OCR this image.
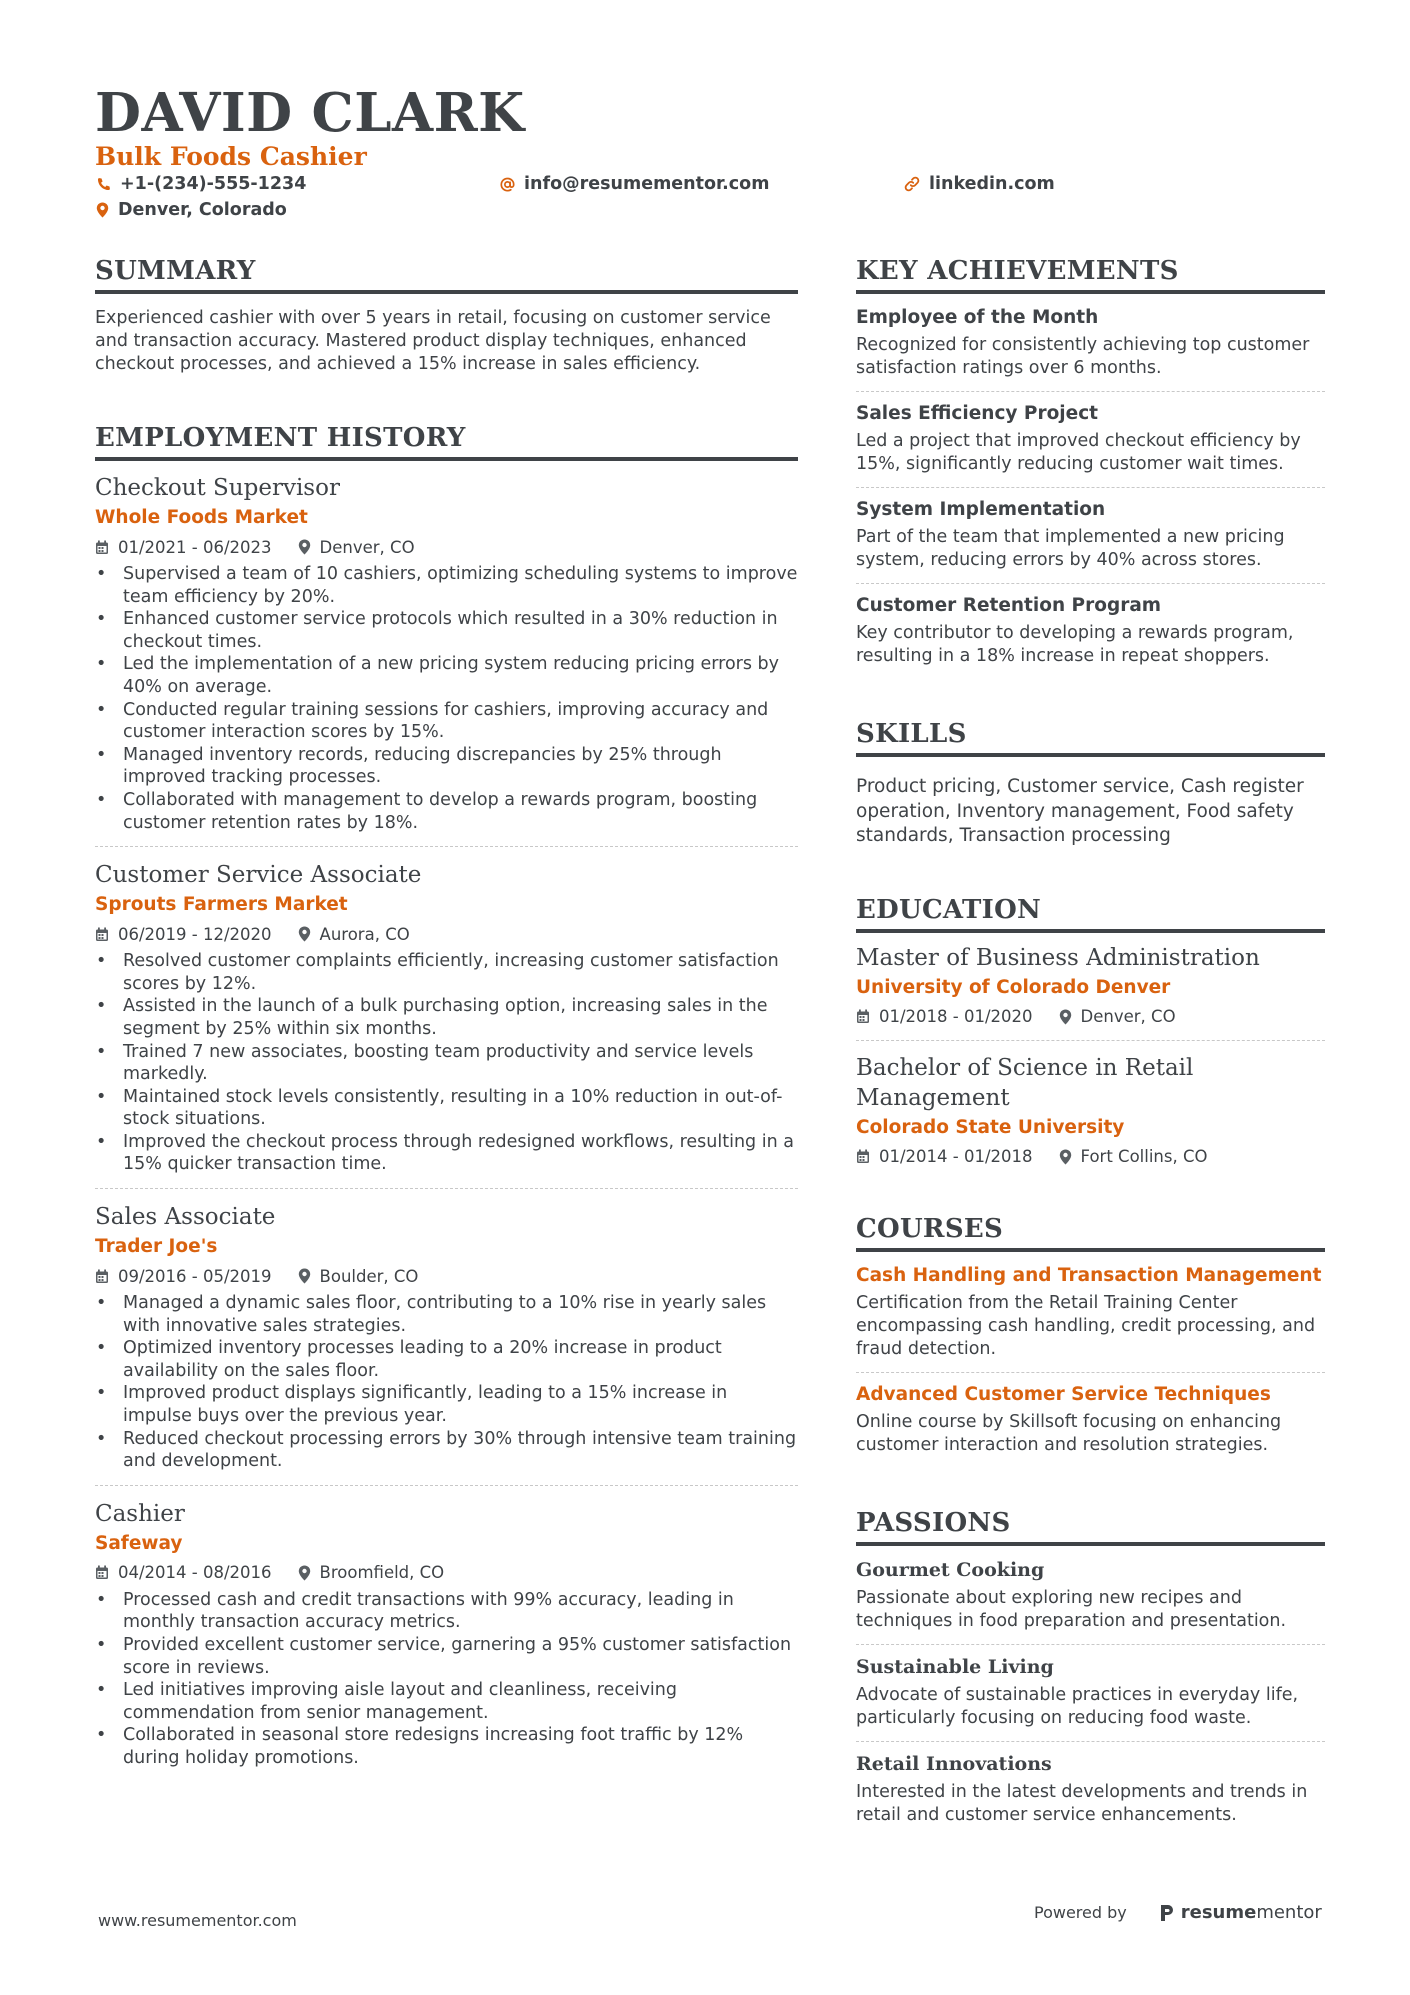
DAVID CLARK
Bulk Foods Cashier
+1-(234)-555-1234	info@resumementor.com	linkedin.com
Denver, Colorado
SUMMARY
Experienced cashier with over 5 years in retail, focusing on customer service and transaction accuracy. Mastered product display techniques, enhanced checkout processes, and achieved a 15% increase in sales efficiency.
EMPLOYMENT HISTORY
Checkout Supervisor
Whole Foods Market
01/2021 - 06/2023	Denver, CO
• Supervised a team of 10 cashiers, optimizing scheduling systems to improve team efficiency by 20%.
• Enhanced customer service protocols which resulted in a 30% reduction in checkout times.
• Led the implementation of a new pricing system reducing pricing errors by 40% on average.
• Conducted regular training sessions for cashiers, improving accuracy and customer interaction scores by 15%.
• Managed inventory records, reducing discrepancies by 25% through improved tracking processes.
• Collaborated with management to develop a rewards program, boosting customer retention rates by 18%.
Customer Service Associate
Sprouts Farmers Market
06/2019 - 12/2020	Aurora, CO
• Resolved customer complaints efficiently, increasing customer satisfaction scores by 12%.
• Assisted in the launch of a bulk purchasing option, increasing sales in the segment by 25% within six months.
• Trained 7 new associates, boosting team productivity and service levels markedly.
• Maintained stock levels consistently, resulting in a 10% reduction in out-of-stock situations.
• Improved the checkout process through redesigned workflows, resulting in a 15% quicker transaction time.
Sales Associate
Trader Joe's
09/2016 - 05/2019	Boulder, CO
• Managed a dynamic sales floor, contributing to a 10% rise in yearly sales with innovative sales strategies.
• Optimized inventory processes leading to a 20% increase in product availability on the sales floor.
• Improved product displays significantly, leading to a 15% increase in impulse buys over the previous year.
• Reduced checkout processing errors by 30% through intensive team training and development.
Cashier
Safeway
04/2014 - 08/2016	Broomfield, CO
• Processed cash and credit transactions with 99% accuracy, leading in monthly transaction accuracy metrics.
• Provided excellent customer service, garnering a 95% customer satisfaction score in reviews.
• Led initiatives improving aisle layout and cleanliness, receiving commendation from senior management.
• Collaborated in seasonal store redesigns increasing foot traffic by 12% during holiday promotions.
KEY ACHIEVEMENTS
Employee of the Month
Recognized for consistently achieving top customer satisfaction ratings over 6 months.
Sales Efficiency Project
Led a project that improved checkout efficiency by 15%, significantly reducing customer wait times.
System Implementation
Part of the team that implemented a new pricing system, reducing errors by 40% across stores.
Customer Retention Program
Key contributor to developing a rewards program, resulting in a 18% increase in repeat shoppers.
SKILLS
Product pricing, Customer service, Cash register operation, Inventory management, Food safety standards, Transaction processing
EDUCATION
Master of Business Administration
University of Colorado Denver
01/2018 - 01/2020	Denver, CO
Bachelor of Science in Retail Management
Colorado State University
01/2014 - 01/2018	Fort Collins, CO
COURSES
Cash Handling and Transaction Management
Certification from the Retail Training Center encompassing cash handling, credit processing, and fraud detection.
Advanced Customer Service Techniques
Online course by Skillsoft focusing on enhancing customer interaction and resolution strategies.
PASSIONS
Gourmet Cooking
Passionate about exploring new recipes and techniques in food preparation and presentation.
Sustainable Living
Advocate of sustainable practices in everyday life, particularly focusing on reducing food waste.
Retail Innovations
Interested in the latest developments and trends in retail and customer service enhancements.
www.resumementor.com	Powered by	resumementor
